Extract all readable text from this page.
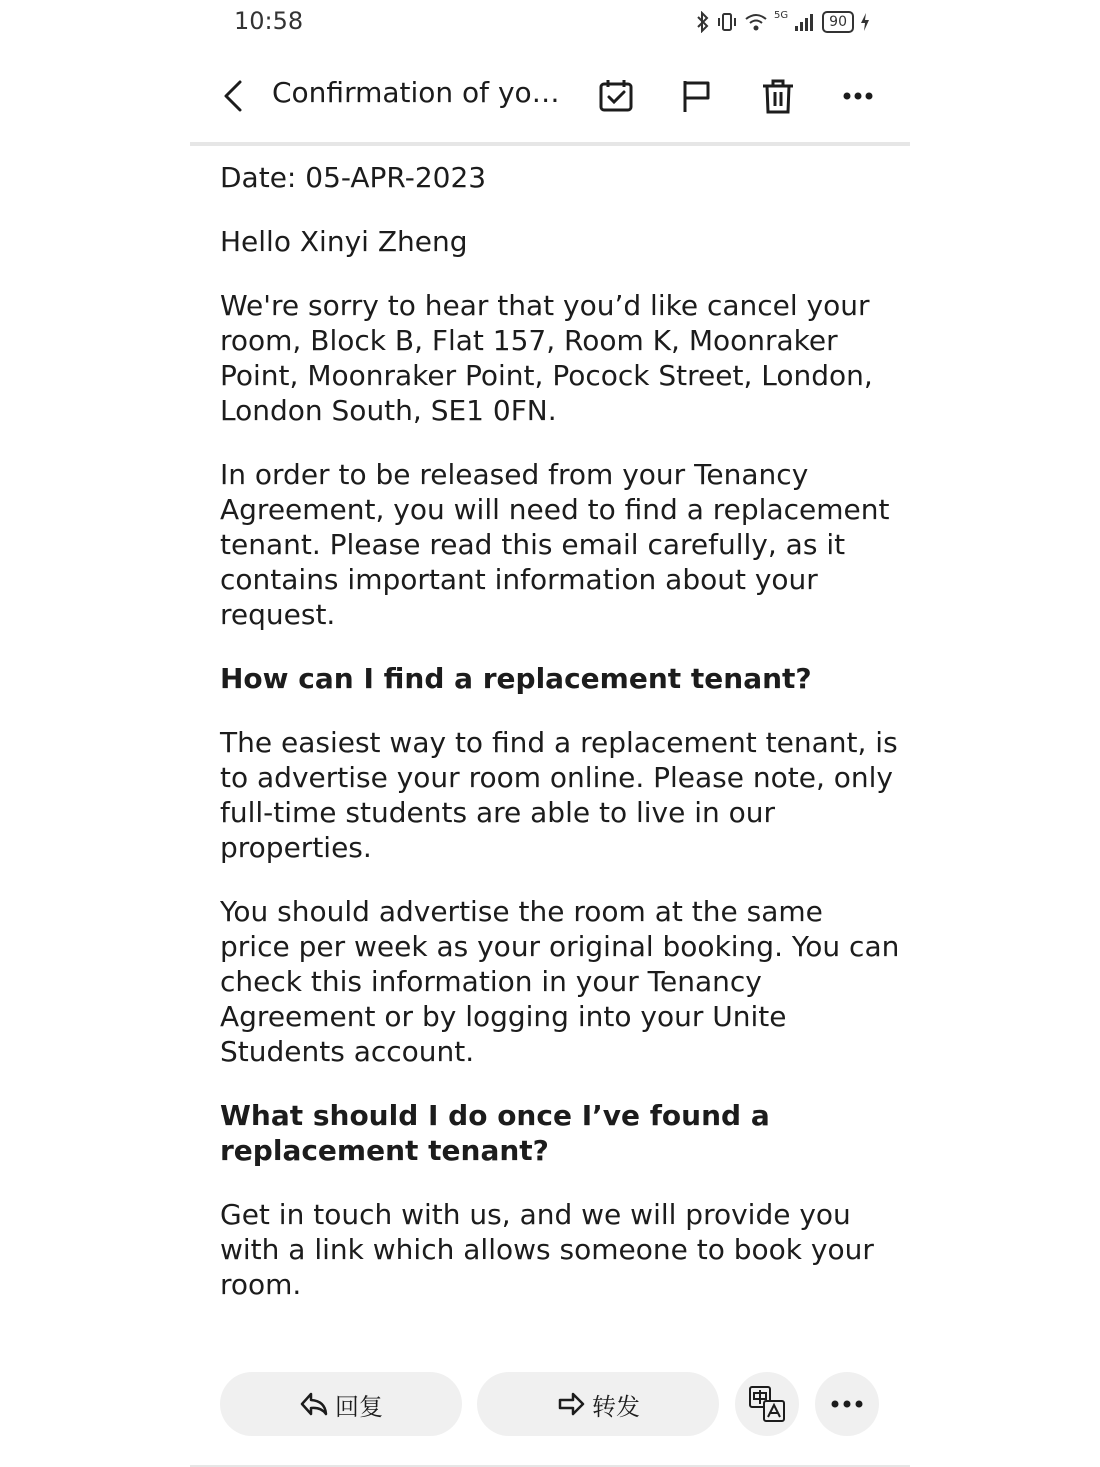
10:58	5G	90
Confirmation of yo…

Date: 05-APR-2023

Hello Xinyi Zheng

We're sorry to hear that you’d like cancel your room, Block B, Flat 157, Room K, Moonraker Point, Moonraker Point, Pocock Street, London, London South, SE1 0FN.

In order to be released from your Tenancy Agreement, you will need to find a replacement tenant. Please read this email carefully, as it contains important information about your request.

How can I find a replacement tenant?

The easiest way to find a replacement tenant, is to advertise your room online. Please note, only full-time students are able to live in our properties.

You should advertise the room at the same price per week as your original booking. You can check this information in your Tenancy Agreement or by logging into your Unite Students account.

What should I do once I’ve found a replacement tenant?

Get in touch with us, and we will provide you with a link which allows someone to book your room.

回复	转发
